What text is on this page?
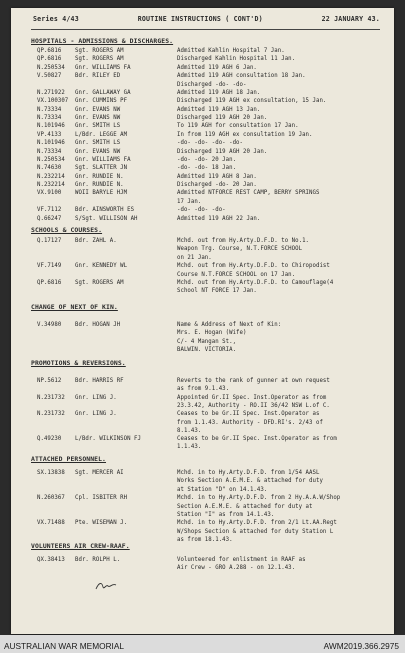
Series 4/43	ROUTINE INSTRUCTIONS ( CONT'D)	22 JANUARY 43.
HOSPITALS - ADMISSIONS & DISCHARGES.
QP.6816 Sgt. ROGERS AM	Admitted Kahlin Hospital 7 Jan.
QP.6816 Sgt. ROGERS AM	Discharged Kahlin Hospital 11 Jan.
N.250534 Gnr. WILLIAMS FA	Admitted 119 AGH 6 Jan.
V.50827 Bdr. RILEY ED	Admitted 119 AGH consultation 18 Jan.
Discharged -do- -do-
N.271922 Gnr. GALLAWAY GA	Admitted 119 AGH 18 Jan.
VX.100307 Gnr. CUMMINS PF	Discharged 119 AGH ex consultation, 15 Jan.
N.73334 Gnr. EVANS NW	Admitted 119 AGH 13 Jan.
N.73334 Gnr. EVANS NW	Discharged 119 AGH 20 Jan.
N.101946 Gnr. SMITH LS	To 119 AGH for consultation 17 Jan.
VP.4133 L/Bdr. LEGGE AM	In from 119 AGH ex consultation 19 Jan.
N.101946 Gnr. SMITH LS	-do- -do- -do- -do-
N.73334 Gnr. EVANS NW	Discharged 119 AGH 20 Jan.
N.250534 Gnr. WILLIAMS FA	-do- -do- 20 Jan.
N.74630 Sgt. SLATTER JN	-do- -do- 18 Jan.
N.232214 Gnr. RUNDIE N.	Admitted 119 AGH 8 Jan.
N.232214 Gnr. RUNDIE N.	Discharged -do- 20 Jan.
VX.9100 WOII BARYLE HJM	Admitted NTFORCE REST CAMP, BERRY SPRINGS
17 Jan.
VF.7112 Bdr. AINSWORTH ES	-do- -do- -do-
Q.66247 S/Sgt. WILLISON AH	Admitted 119 AGH 22 Jan.
SCHOOLS & COURSES.
Q.17127 Bdr. ZAHL A.	Mchd. out from Hy.Arty.D.F.D. to No.1.
Weapon Trg. Course, N.T.FORCE SCHOOL
on 21 Jan.
VF.7149 Gnr. KENNEDY WL	Mchd. out from Hy.Arty.D.F.D. to Chiropodist
Course N.T.FORCE SCHOOL on 17 Jan.
QP.6816 Sgt. ROGERS AM	Mchd. out from Hy.Arty.D.F.D. to Camouflage(4
School NT FORCE 17 Jan.
CHANGE OF NEXT OF KIN.
V.34980 Bdr. HOGAN JH	Name & Address of Next of Kin:
Mrs. E. Hogan (Wife)
C/- 4 Mangan St.,
BALWIN. VICTORIA.
PROMOTIONS & REVERSIONS.
NP.5612 Bdr. HARRIS RF	Reverts to the rank of gunner at own request
as from 9.1.43.
N.231732 Gnr. LING J.	Appointed Gr.II Spec. Inst.Operator as from
23.3.42, Authority - RO.II 36/42 NSW L.of C.
N.231732 Gnr. LING J.	Ceases to be Gr.II Spec. Inst.Operator as
from 1.1.43. Authority - DFD.RI's. 2/43 of
8.1.43.
Q.49230 L/Bdr. WILKINSON FJ	Ceases to be Gr.II Spec. Inst.Operator as from
1.1.43.
ATTACHED PERSONNEL.
SX.13838 Sgt. MERCER AI	Mchd. in to Hy.Arty.D.F.D. from 1/54 AASL
Works Section A.E.M.E. & attached for duty
at Station "D" on 14.1.43.
N.260367 Cpl. ISBITER RH	Mchd. in to Hy.Arty.D.F.D. from 2 Hy.A.A.W/Shop
Section A.E.M.E. & attached for duty at
Station "I" as from 14.1.43.
VX.71488 Pte. WISEMAN J.	Mchd. in to Hy.Arty.D.F.D. from 2/1 Lt.AA.Regt
W/Shops Section & attached for duty Station L
as from 18.1.43.
VOLUNTEERS AIR CREW-RAAF.
QX.38413 Bdr. ROLPH L.	Volunteered for enlistment in RAAF as
Air Crew - GRO A.288 - on 12.1.43.
AUSTRALIAN WAR MEMORIAL	AWM2019.366.2975
